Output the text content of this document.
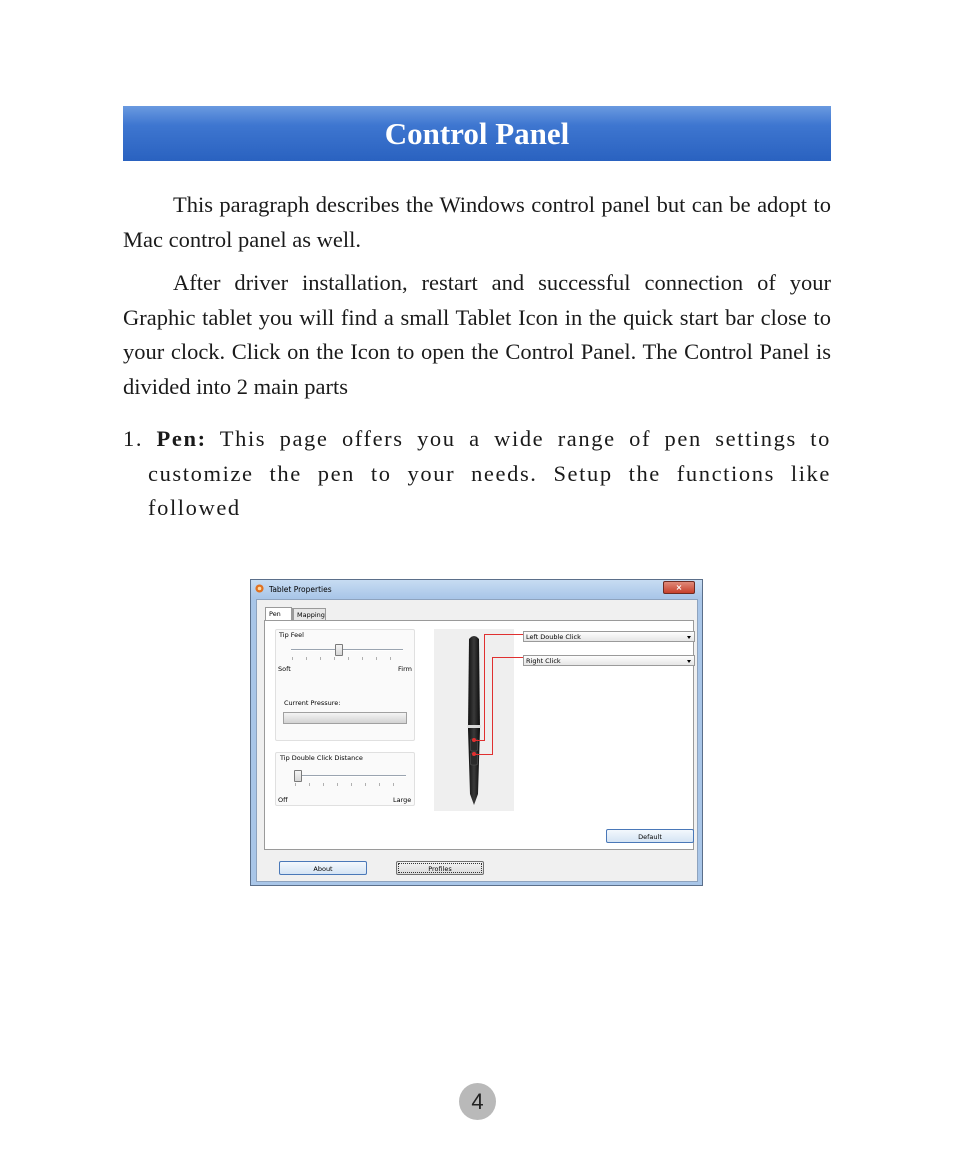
Control Panel

This paragraph describes the Windows control panel but can be adopt to Mac control panel as well.

After driver installation, restart and successful connection of your Graphic tablet you will find a small Tablet Icon in the quick start bar close to your clock. Click on the Icon to open the Control Panel. The Control Panel is divided into 2 main parts

1. Pen: This page offers you a wide range of pen settings to customize the pen to your needs. Setup the functions like followed

Tablet Properties	×
Pen	Mapping
Tip Feel
Soft	Firm
Current Pressure:
Tip Double Click Distance
Off	Large
Left Double Click
Right Click
Default
About	Profiles
4
